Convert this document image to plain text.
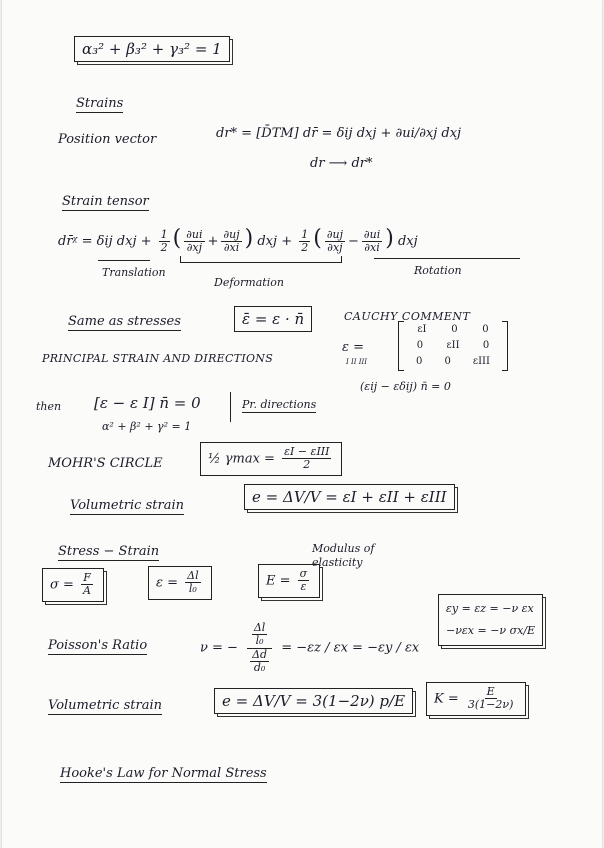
α₃² + β₃² + γ₃² = 1
Strains
Position vector	dr* = [D̄TM] dr̄ = δij dxj + ∂ui/∂xj dxj
dr ⟶ dr*
Strain tensor
dr̄ᵡ = δij dxj + $\frac{1}{2}$ ( $\frac{\partial ui}{\partial xj} + \frac{\partial uj}{\partial xi}$ ) dxj + $\frac{1}{2}$ ( $\frac{\partial uj}{\partial xj} - \frac{\partial ui}{\partial xi}$ ) dxj
Translation
Deformation
Rotation
Same as stresses	ε̄ = ε · n̄	CAUCHY COMMENT
PRINCIPAL STRAIN AND DIRECTIONS
ε =
I II III
εI 0 0
0 εII 0
0 0 εIII
(εij − εδij) n̄ = 0
then [ε − ε I] n̄ = 0
α² + β² + γ² = 1
Pr. directions
MOHR'S CIRCLE	½ $\gamma\max = \frac{\text{εI − εIII}}{2}$
Volumetric strain	e = ΔV/V = εI + εII + εIII
Stress − Strain	Modulus of elasticity
$\sigma = \frac{F}{A}$	$\varepsilon = \frac{\Delta l}{\text{l₀}}$	$E = \frac{\sigma}{\varepsilon}$
εy = εz = −ν εx
−νεx = −ν σx/E
Poisson's Ratio	ν = − $\frac{\frac{\Delta l}{\text{l₀}}}{\frac{\Delta d}{\text{d₀}}} = -\varepsilon z / \varepsilon x = -\varepsilon y / \varepsilon x$
Volumetric strain	e = ΔV/V = 3(1−2ν) p/E	$K = \frac{E}{3(1-2\nu)}$
Hooke's Law for Normal Stress
